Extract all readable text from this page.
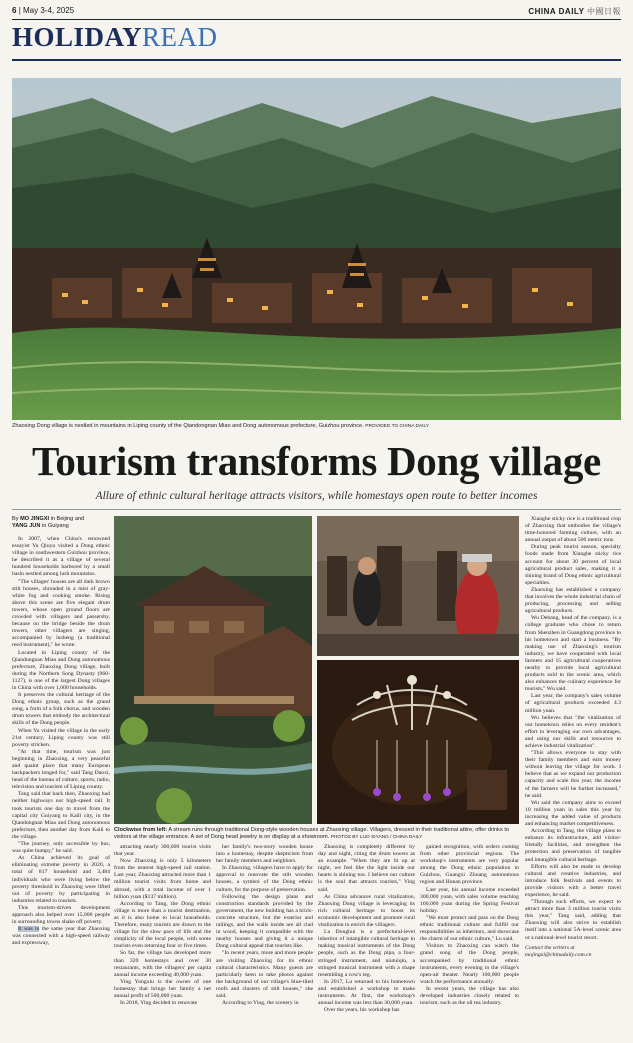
6 | May 3-4, 2025	CHINA DAILY 中國日報
HOLIDAYREAD
Zhaoxing Dong village is nestled in mountains in Liping county of the Qiandongnan Miao and Dong autonomous prefecture, Guizhou province. PROVIDED TO CHINA DAILY
Tourism transforms Dong village
Allure of ethnic cultural heritage attracts visitors, while homestays open route to better incomes
By MO JINGXI in Beijing and
YANG JUN in Guiyang

In 2007, when China's renowned essayist Yu Qiuyu visited a Dong ethnic village in southwestern Guizhou province, he described it as a village of several hundred households harbored by a small basin nestled among lush mountains.

"The villages' houses are all dark brown stilt houses, shrouded in a mist of gray-white fog and cooking smoke. Rising above this scene are five elegant drum towers, whose open ground floors are crowded with villagers and passersby, because on the bridge beside the drum towers, other villagers are singing, accompanied by lusheng (a traditional reed instrument)," he wrote.

Located in Liping county of the Qiandongnan Miao and Dong autonomous prefecture, Zhaoxing Dong village, built during the Northern Song Dynasty (960-1127), is one of the largest Dong villages in China with over 1,000 households.

It preserves the cultural heritage of the Dong ethnic group, such as the grand song, a form of a folk chorus, and wooden drum towers that embody the architectural skills of the Dong people.

When Yu visited the village in the early 21st century, Liping county was still poverty stricken.

"At that time, tourism was just beginning in Zhaoxing, a very peaceful and quaint place that many European backpackers longed for," said Tang Daoxi, head of the bureau of culture, sports, radio, television and tourism of Liping county.

Tang said that back then, Zhaoxing had neither highways nor high-speed rail. It took tourists one day to travel from the capital city Guiyang to Kaili city, in the Qiandongnan Miao and Dong autonomous prefecture, then another day from Kaili to the village.

"The journey, only accessible by bus, was quite bumpy," he said.

As China achieved its goal of eliminating extreme poverty in 2020, a total of 817 household and 3,484 individuals who were living below the poverty threshold in Zhaoxing were lifted out of poverty by participating in industries related to tourism.

This tourism-driven development approach also helped over 15,000 people in surrounding towns shake off poverty.

It was in the same year that Zhaoxing was connected with a high-speed railway and expressway,

Clockwise from left: A stream runs through traditional Dong-style wooden houses at Zhaoxing village. Villagers, dressed in their traditional attire, offer drinks to visitors at the village entrance. A set of Dong head jewelry is on display at a showroom. PHOTOS BY LUO SIYANG / CHINA DAILY

attracting nearly 300,000 tourist visits that year.

Now Zhaoxing is only 5 kilometers from the nearest high-speed rail station. Last year, Zhaoxing attracted more than 1 million tourist visits from home and abroad, with a total income of over 1 billion yuan ($137 million).

According to Tang, the Dong ethnic village is more than a tourist destination, as it is also home to local households. Therefore, many tourists are drawn to the village for the slow pace of life and the simplicity of the local people, with some tourists even returning four or five times.

So far, the village has developed more than 320 homestays and over 30 restaurants, with the villagers' per capita annual income exceeding 40,000 yuan.

Ying Yongxiu is the owner of one homestay that brings her family a net annual profit of 500,000 yuan.

In 2018, Ying decided to renovate

her family's two-story wooden house into a homestay, despite skepticism from her family members and neighbors.

In Zhaoxing, villagers have to apply for approval to renovate the stilt wooden houses, a symbol of the Dong ethnic culture, for the purpose of preservation.

Following the design plans and construction standards provided by the government, the new building has a brick-concrete structure, but the exterior and railings, and the walls inside are all clad in wood, keeping it compatible with the nearby houses and giving it a unique Dong cultural appeal that tourists like.

"In recent years, more and more people are visiting Zhaoxing for its ethnic cultural characteristics. Many guests are particularly keen to take photos against the background of our village's blue-tiled roofs and clusters of stilt houses," she said.

According to Ying, the scenery in

Zhaoxing is completely different by day and night, citing the drum towers as an example. "When they are lit up at night, we feel like the light inside our hearts is shining too. I believe our culture is the soul that attracts tourists," Ying said.

As China advances rural vitalization, Zhaoxing Dong village is leveraging its rich cultural heritage to boost its economic development and promote rural vitalization to enrich the villagers.

Lu Donghui is a prefectural-level inheritor of intangible cultural heritage in making musical instruments of the Dong people, such as the Dong pipa, a four-stringed instrument, and niutuiqin, a stringed musical instrument with a shape resembling a cow's leg.

In 2017, Lu returned to his hometown and established a workshop to make instruments. At first, the workshop's annual income was less than 30,000 yuan.

Over the years, his workshop has

gained recognition, with orders coming from other provincial regions. The workshop's instruments are very popular among the Dong ethnic population in Guizhou, Guangxi Zhuang autonomous region and Hunan province.

Last year, his annual income exceeded 300,000 yuan, with sales volume reaching 100,000 yuan during the Spring Festival holiday.

"We must protect and pass on the Dong ethnic traditional culture and fulfill our responsibilities as inheritors, and showcase the charm of our ethnic culture," Lu said.

Visitors to Zhaoxing can watch the grand song of the Dong people, accompanied by traditional ethnic instruments, every evening in the village's open-air theater. Nearly 100,000 people watch the performance annually.

In recent years, the village has also developed industries closely related to tourism, such as the oil tea industry.

Xianghe sticky rice is a traditional crop of Zhaoxing that embodies the village's time-honored farming culture, with an annual output of about 500 metric tons.

During peak tourist season, specialty foods made from Xianghe sticky rice account for about 30 percent of local agricultural product sales, making it a shining brand of Dong ethnic agricultural specialties.

Zhaoxing has established a company that involves the whole industrial chain of producing, processing and selling agricultural products.

Wu Debang, head of the company, is a college graduate who chose to return from Shenzhen in Guangdong province to his hometown and start a business. "By making use of Zhaoxing's tourism industry, we have cooperated with local farmers and 15 agricultural cooperatives nearby to provide local agricultural products sold to the scenic area, which also enhances the culinary experience for tourists," Wu said.

Last year, the company's sales volume of agricultural products exceeded 4.3 million yuan.

Wu believes that "the vitalization of our hometown relies on every resident's effort in leveraging our own advantages, and using our skills and resources to achieve industrial vitalization".

"This allows everyone to stay with their family members and earn money without leaving the village for work. I believe that as we expand our production capacity and scale this year, the income of the farmers will be further increased," he said.

Wu said the company aims to exceed 10 million yuan in sales this year by increasing the added value of products and enhancing market competitiveness.

According to Tang, the village plans to enhance its infrastructure, add visitor-friendly facilities, and strengthen the protection and preservation of tangible and intangible cultural heritage.

Efforts will also be made to develop cultural and creative industries, and introduce folk festivals and events to provide visitors with a better travel experience, he said.

"Through such efforts, we expect to attract more than 3 million tourist visits this year," Tang said, adding that Zhaoxing will also strive to establish itself into a national 5A-level scenic area or a national-level tourist resort.

Contact the writers at
mojingxi@chinadaily.com.cn
